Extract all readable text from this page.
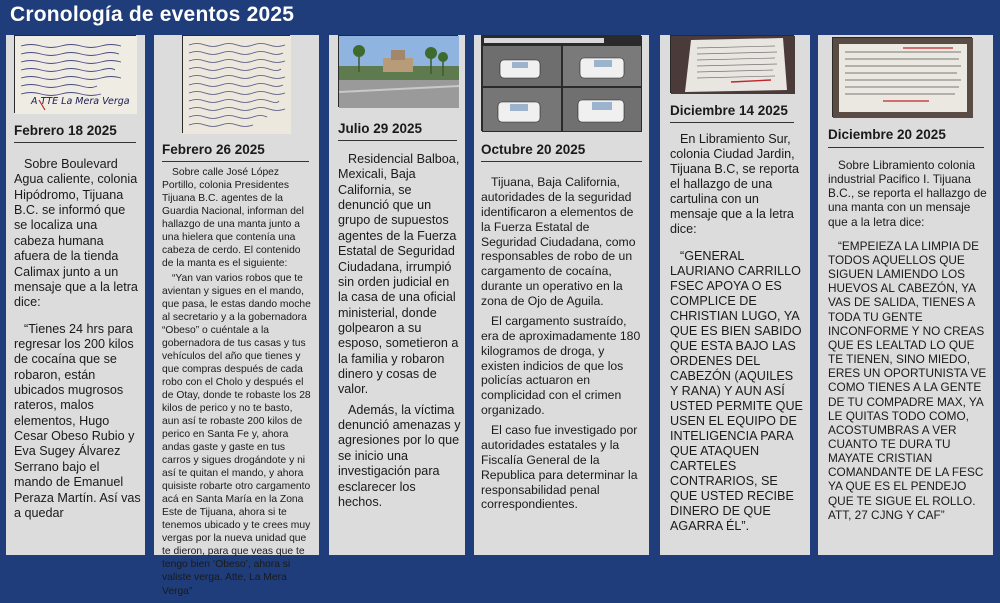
Cronología de eventos 2025
A TTE La Mera Verga
Febrero 18 2025

Sobre Boulevard Agua caliente, colonia Hipódromo, Tijuana B.C. se informó que se localiza una cabeza humana afuera de la tienda Calimax junto a un mensaje que a la letra dice:

“Tienes 24 hrs para regresar los 200 kilos de cocaína que se robaron, están ubicados mugrosos rateros, malos elementos, Hugo Cesar Obeso Rubio y Eva Sugey Álvarez Serrano bajo el mando de Emanuel Peraza Martín. Así vas a quedar

Febrero 26 2025

Sobre calle José López Portillo, colonia Presidentes Tijuana B.C. agentes de la Guardia Nacional, informan del hallazgo de una manta junto a una hielera que contenía una cabeza de cerdo. El contenido de la manta es el siguiente:

“Yan van varios robos que te avientan y sigues en el mando, que pasa, le estas dando moche al secretario y a la gobernadora “Obeso” o cuéntale a la gobernadora de tus casas y tus vehículos del año que tienes y que compras después de cada robo con el Cholo y después el de Otay, donde te robaste los 28 kilos de perico y no te basto, aun así te robaste 200 kilos de perico en Santa Fe y, ahora andas gaste y gaste en tus carros y sigues drogándote y ni así te quitan el mando, y ahora quisiste robarte otro cargamento acá en Santa María en la Zona Este de Tijuana, ahora si te tenemos ubicado y te crees muy vergas por la nueva unidad que te dieron, para que veas que te tengo bien ‘Obeso’, ahora si valiste verga. Atte, La Mera Verga”

Julio 29 2025

Residencial Balboa, Mexicali, Baja California, se denunció que un grupo de supuestos agentes de la Fuerza Estatal de Seguridad Ciudadana, irrumpió sin orden judicial en la casa de una oficial ministerial, donde golpearon a su esposo, sometieron a la familia y robaron dinero y cosas de valor.

Además, la víctima denunció amenazas y agresiones por lo que se inicio una investigación para esclarecer los hechos.

Octubre 20 2025

Tijuana, Baja California, autoridades de la seguridad identificaron a elementos de la Fuerza Estatal de Seguridad Ciudadana, como responsables de robo de un cargamento de cocaína, durante un operativo en la zona de Ojo de Aguila.

El cargamento sustraído, era de aproximadamente 180 kilogramos de droga, y existen indicios de que los policías actuaron en complicidad con el crimen organizado.

El caso fue investigado por autoridades estatales y la Fiscalía General de la Republica para determinar la responsabilidad penal correspondientes.

Diciembre 14 2025

En Libramiento Sur, colonia Ciudad Jardin, Tijuana B.C, se reporta el hallazgo de una cartulina con un mensaje que a la letra dice:

“GENERAL LAURIANO CARRILLO FSEC APOYA O ES COMPLICE DE CHRISTIAN LUGO, YA QUE ES BIEN SABIDO QUE ESTA BAJO LAS ORDENES DEL CABEZÓN (AQUILES Y RANA) Y AUN ASÍ USTED PERMITE QUE USEN EL EQUIPO DE INTELIGENCIA PARA QUE ATAQUEN CARTELES CONTRARIOS, SE QUE USTED RECIBE DINERO DE QUE AGARRA ÉL”.

Diciembre 20 2025

Sobre Libramiento colonia industrial Pacifico I. Tijuana B.C., se reporta el hallazgo de una manta con un mensaje que a la letra dice:

“EMPEIEZA LA LIMPIA DE TODOS AQUELLOS QUE SIGUEN LAMIENDO LOS HUEVOS AL CABEZÓN, YA VAS DE SALIDA, TIENES A TODA TU GENTE INCONFORME Y NO CREAS QUE ES LEALTAD LO QUE TE TIENEN, SINO MIEDO, ERES UN OPORTUNISTA VE COMO TIENES A LA GENTE DE TU COMPADRE MAX, YA LE QUITAS TODO COMO, ACOSTUMBRAS A VER CUANTO TE DURA TU MAYATE CRISTIAN COMANDANTE DE LA FESC YA QUE ES EL PENDEJO QUE TE SIGUE EL ROLLO. ATT, 27 CJNG Y CAF”
